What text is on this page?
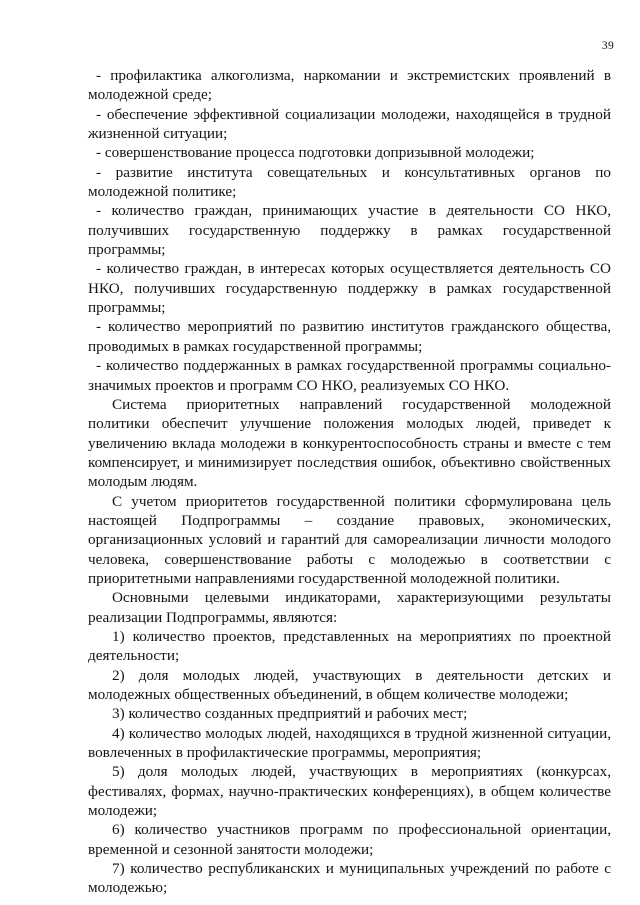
39

- профилактика алкоголизма, наркомании и экстремистских проявлений в молодежной среде;

- обеспечение эффективной социализации молодежи, находящейся в трудной жизненной ситуации;

- совершенствование процесса подготовки допризывной молодежи;

- развитие института совещательных и консультативных органов по молодежной политике;

- количество граждан, принимающих участие в деятельности СО НКО, получивших государственную поддержку в рамках государственной программы;

- количество граждан, в интересах которых осуществляется деятельность СО НКО, получивших государственную поддержку в рамках государственной программы;

- количество мероприятий по развитию институтов гражданского общества, проводимых в рамках государственной программы;

- количество поддержанных в рамках государственной программы социально-значимых проектов и программ СО НКО, реализуемых СО НКО.

Система приоритетных направлений государственной молодежной политики обеспечит улучшение положения молодых людей, приведет к увеличению вклада молодежи в конкурентоспособность страны и вместе с тем компенсирует, и минимизирует последствия ошибок, объективно свойственных молодым людям.

С учетом приоритетов государственной политики сформулирована цель настоящей Подпрограммы – создание правовых, экономических, организационных условий и гарантий для самореализации личности молодого человека, совершенствование работы с молодежью в соответствии с приоритетными направлениями государственной молодежной политики.

Основными целевыми индикаторами, характеризующими результаты реализации Подпрограммы, являются:

1) количество проектов, представленных на мероприятиях по проектной деятельности;

2) доля молодых людей, участвующих в деятельности детских и молодежных общественных объединений, в общем количестве молодежи;

3) количество созданных предприятий и рабочих мест;

4) количество молодых людей, находящихся в трудной жизненной ситуации, вовлеченных в профилактические программы, мероприятия;

5) доля молодых людей, участвующих в мероприятиях (конкурсах, фестивалях, формах, научно-практических конференциях), в общем количестве молодежи;

6) количество участников программ по профессиональной ориентации, временной и сезонной занятости молодежи;

7) количество республиканских и муниципальных учреждений по работе с молодежью;
